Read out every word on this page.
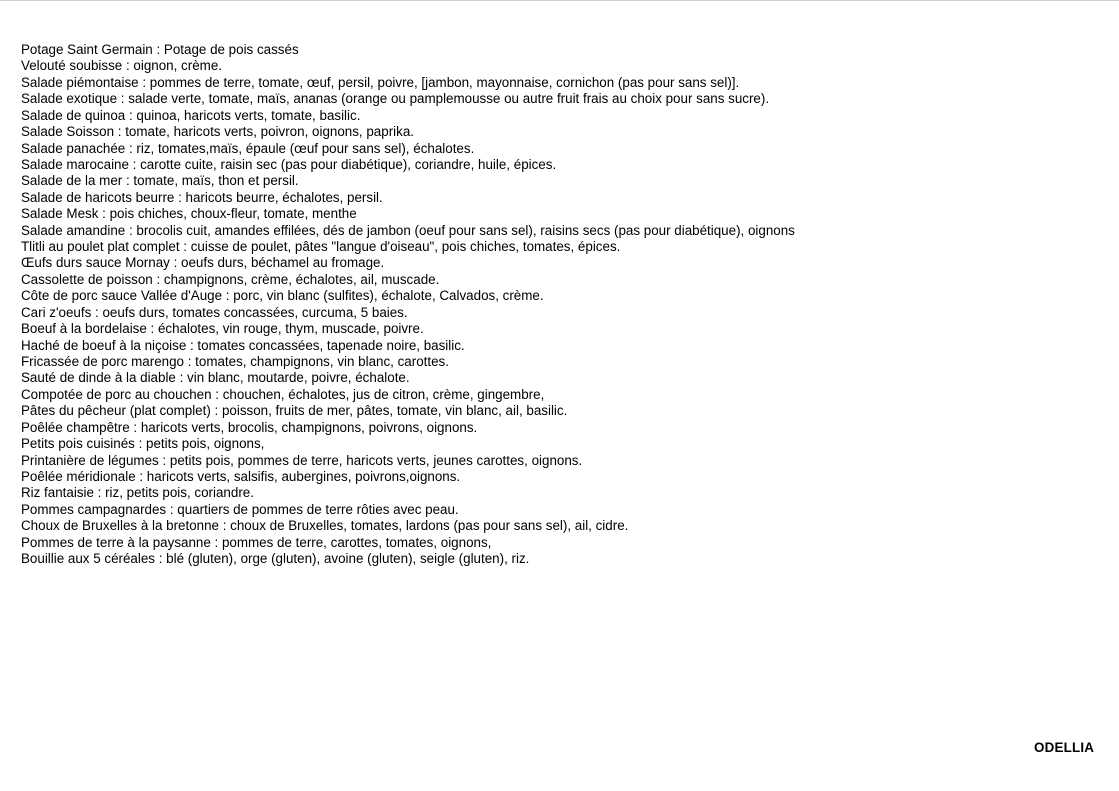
Potage Saint Germain : Potage de pois cassés
Velouté soubisse : oignon, crème.
Salade piémontaise : pommes de terre, tomate, œuf, persil, poivre, [jambon, mayonnaise, cornichon (pas pour sans sel)].
Salade exotique : salade verte, tomate, maïs, ananas (orange ou pamplemousse ou autre fruit frais au choix pour sans sucre).
Salade de quinoa : quinoa, haricots verts, tomate, basilic.
Salade Soisson : tomate, haricots verts, poivron, oignons, paprika.
Salade panachée : riz, tomates,maïs, épaule (œuf pour sans sel), échalotes.
Salade marocaine : carotte cuite, raisin sec (pas pour diabétique), coriandre, huile, épices.
Salade de la mer : tomate, maïs, thon et persil.
Salade de haricots beurre : haricots beurre, échalotes, persil.
Salade Mesk : pois chiches, choux-fleur, tomate, menthe
Salade amandine : brocolis cuit, amandes effilées, dés de jambon (oeuf pour sans sel), raisins secs (pas pour diabétique), oignons
Tlitli au poulet plat complet : cuisse de poulet, pâtes "langue d'oiseau", pois chiches, tomates, épices.
Œufs durs sauce Mornay : oeufs durs, béchamel au fromage.
Cassolette de poisson : champignons, crème, échalotes, ail, muscade.
Côte de porc sauce Vallée d'Auge : porc, vin blanc (sulfites), échalote, Calvados, crème.
Cari z'oeufs : oeufs durs, tomates concassées, curcuma, 5 baies.
Boeuf à la bordelaise : échalotes, vin rouge, thym, muscade, poivre.
Haché de boeuf à la niçoise : tomates concassées, tapenade noire, basilic.
Fricassée de porc marengo : tomates, champignons, vin blanc, carottes.
Sauté de dinde à la diable : vin blanc, moutarde, poivre, échalote.
Compotée de porc au chouchen : chouchen, échalotes, jus de citron, crème, gingembre,
Pâtes du pêcheur (plat complet) : poisson, fruits de mer, pâtes, tomate, vin blanc, ail, basilic.
Poêlée champêtre : haricots verts, brocolis, champignons, poivrons, oignons.
Petits pois cuisinés : petits pois, oignons,
Printanière de légumes : petits pois, pommes de terre, haricots verts, jeunes carottes, oignons.
Poêlée méridionale : haricots verts, salsifis, aubergines, poivrons,oignons.
Riz fantaisie : riz, petits pois, coriandre.
Pommes campagnardes : quartiers de pommes de terre rôties avec peau.
Choux de Bruxelles à la bretonne : choux de Bruxelles, tomates, lardons (pas pour sans sel), ail, cidre.
Pommes de terre à la paysanne : pommes de terre, carottes, tomates, oignons,
Bouillie aux 5 céréales : blé (gluten), orge (gluten), avoine (gluten), seigle (gluten), riz.
ODELLIA
